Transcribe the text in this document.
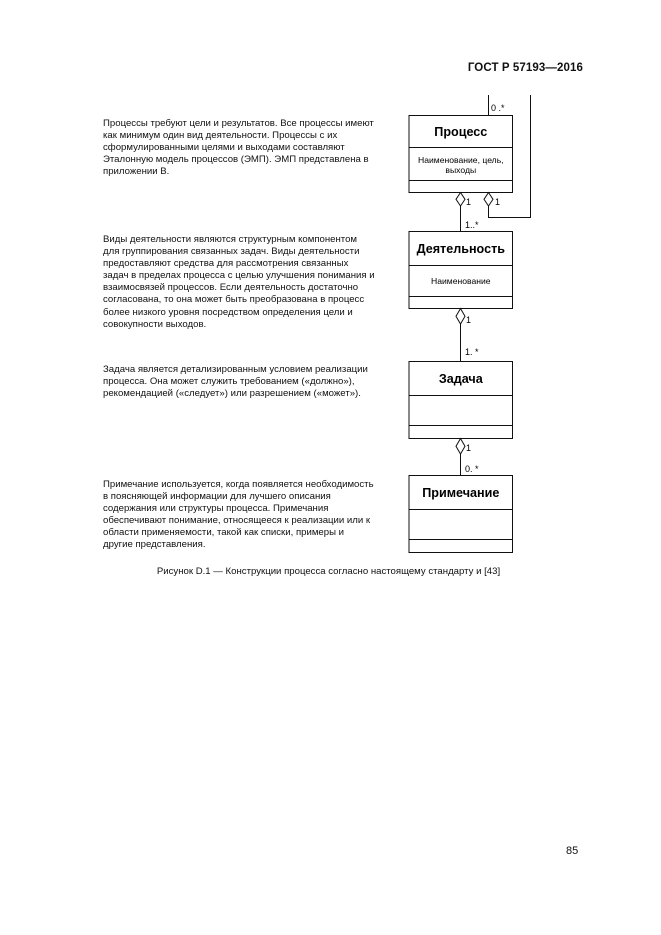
ГОСТ Р 57193—2016

Процессы требуют цели и результатов. Все процессы имеют как минимум один вид деятельности. Процессы с их сформулированными целями и выходами составляют Эталонную модель процессов (ЭМП). ЭМП представлена в приложении В.

Виды деятельности являются структурным компонентом для группирования связанных задач. Виды деятельности предоставляют средства для рассмотрения связанных задач в пределах процесса с целью улучшения понимания и взаимосвязей процессов. Если деятельность достаточно согласована, то она может быть преобразована в процесс более низкого уровня посредством определения цели и совокупности выходов.

Задача является детализированным условием реализации процесса. Она может служить требованием («должно»), рекомендацией («следует») или разрешением («может»).

Примечание используется, когда появляется необходимость в поясняющей информации для лучшего описания содержания или структуры процесса. Примечания обеспечивают понимание, относящееся к реализации или к области применяемости, такой как списки, примеры и другие представления.

Процесс
Наименование, цель,
выходы
Деятельность
Наименование
Задача
Примечание
0 .*
1	1
1..*
1
1. *
1
0. *
Рисунок D.1 — Конструкции процесса согласно настоящему стандарту и [43]
85
